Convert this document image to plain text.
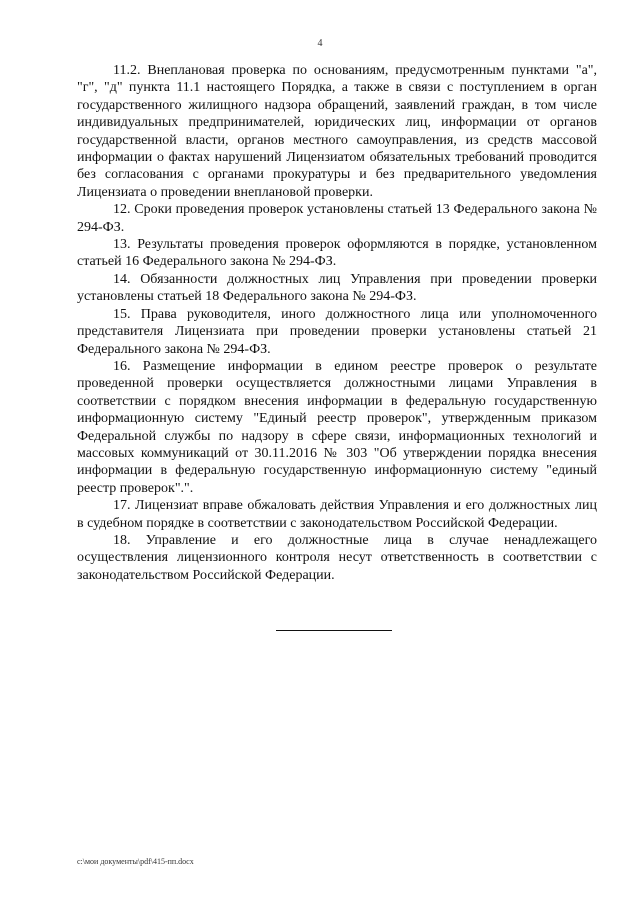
4

11.2. Внеплановая проверка по основаниям, предусмотренным пунктами "а", "г", "д" пункта 11.1 настоящего Порядка, а также в связи с поступлением в орган государственного жилищного надзора обращений, заявлений граждан, в том числе индивидуальных предпринимателей, юридических лиц, информации от органов государственной власти, органов местного самоуправления, из средств массовой информации о фактах нарушений Лицензиатом обязательных требований проводится без согласования с органами прокуратуры и без предварительного уведомления Лицензиата о проведении внеплановой проверки.

12. Сроки проведения проверок установлены статьей 13 Федерального закона № 294-ФЗ.

13. Результаты проведения проверок оформляются в порядке, установленном статьей 16 Федерального закона № 294-ФЗ.

14. Обязанности должностных лиц Управления при проведении проверки установлены статьей 18 Федерального закона № 294-ФЗ.

15. Права руководителя, иного должностного лица или уполномоченного представителя Лицензиата при проведении проверки установлены статьей 21 Федерального закона № 294-ФЗ.

16. Размещение информации в едином реестре проверок о результате проведенной проверки осуществляется должностными лицами Управления в соответствии с порядком внесения информации в федеральную государственную информационную систему "Единый реестр проверок", утвержденным приказом Федеральной службы по надзору в сфере связи, информационных технологий и массовых коммуникаций от 30.11.2016 № 303 "Об утверждении порядка внесения информации в федеральную государственную информационную систему "единый реестр проверок".".

17. Лицензиат вправе обжаловать действия Управления и его должностных лиц в судебном порядке в соответствии с законодательством Российской Федерации.

18. Управление и его должностные лица в случае ненадлежащего осуществления лицензионного контроля несут ответственность в соответствии с законодательством Российской Федерации.

c:\мои документы\pdf\415-пп.docx
